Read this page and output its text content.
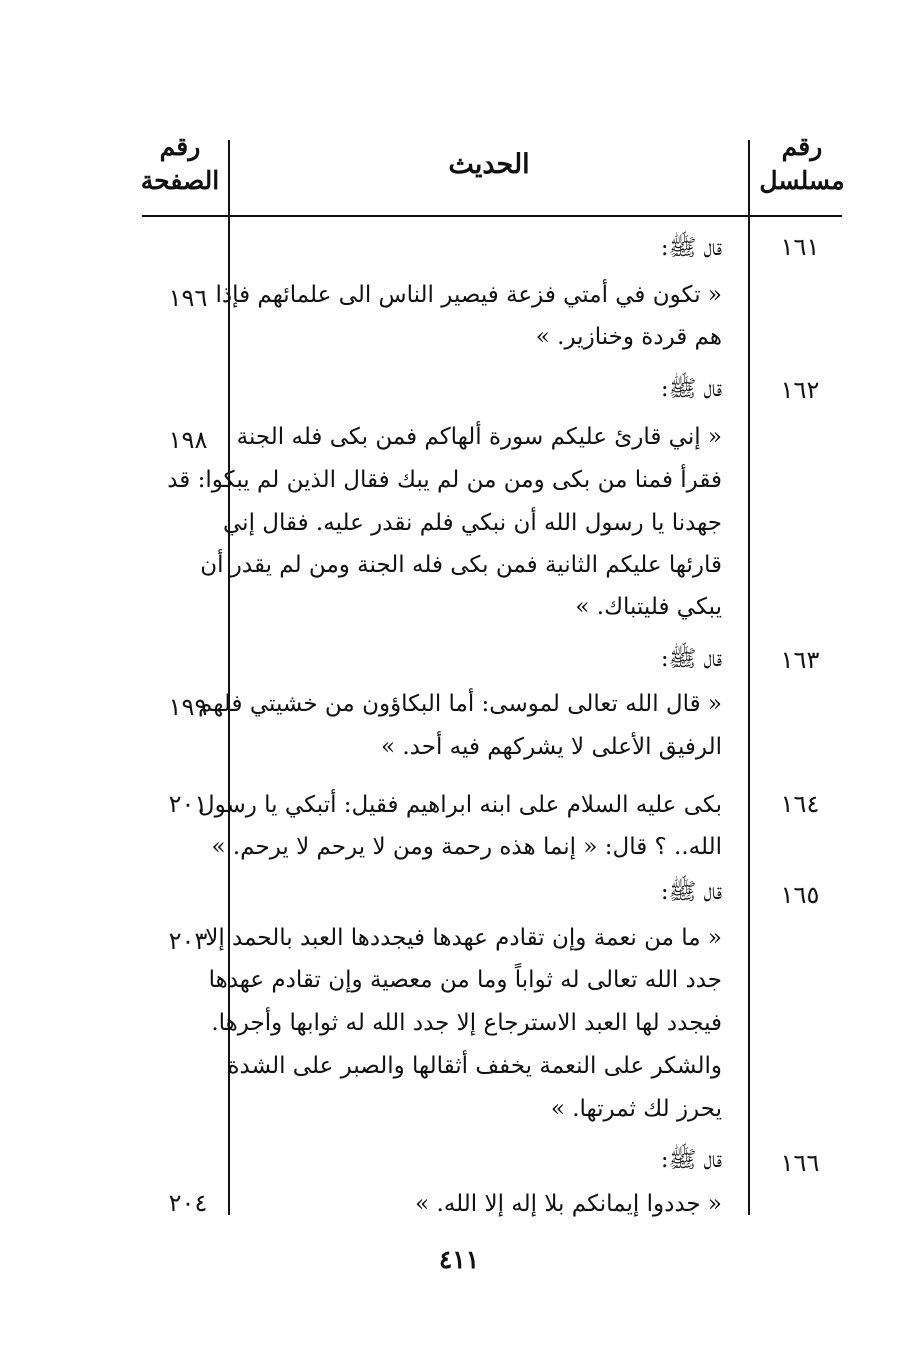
رقم مسلسل
الحديث
رقم الصفحة
١٦١
قال ﷺ:
« تكون في أمتي فزعة فيصير الناس الى علمائهم فإذا
١٩٦
هم قردة وخنازير. »
١٦٢
قال ﷺ:
« إني قارئ عليكم سورة ألهاكم فمن بكى فله الجنة
١٩٨
فقرأ فمنا من بكى ومن من لم يبك فقال الذين لم يبكوا: قد
جهدنا يا رسول الله أن نبكي فلم نقدر عليه. فقال إني
قارئها عليكم الثانية فمن بكى فله الجنة ومن لم يقدر أن
يبكي فليتباك. »
١٦٣
قال ﷺ:
« قال الله تعالى لموسى: أما البكاؤون من خشيتي فلهم
١٩٩
الرفيق الأعلى لا يشركهم فيه أحد. »
١٦٤
بكى عليه السلام على ابنه ابراهيم فقيل: أتبكي يا رسول
٢٠١
الله.. ؟ قال: « إنما هذه رحمة ومن لا يرحم لا يرحم. »
١٦٥
قال ﷺ:
« ما من نعمة وإن تقادم عهدها فيجددها العبد بالحمد إلا
٢٠٣
جدد الله تعالى له ثواباً وما من معصية وإن تقادم عهدها
فيجدد لها العبد الاسترجاع إلا جدد الله له ثوابها وأجرها.
والشكر على النعمة يخفف أثقالها والصبر على الشدة
يحرز لك ثمرتها. »
١٦٦
قال ﷺ:
« جددوا إيمانكم بلا إله إلا الله. »
٢٠٤
٤١١
